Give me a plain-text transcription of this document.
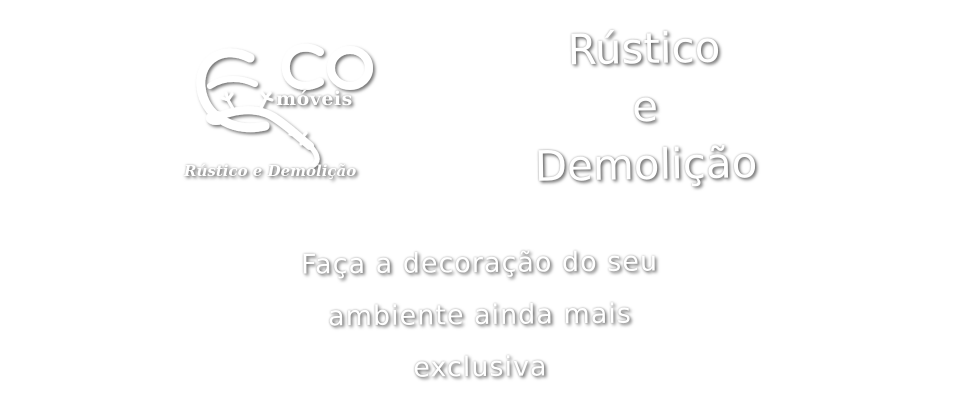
móveis
Rústico e Demolição
Rústico
e
Demolição
Faça a decoração do seu
ambiente ainda mais
exclusiva
